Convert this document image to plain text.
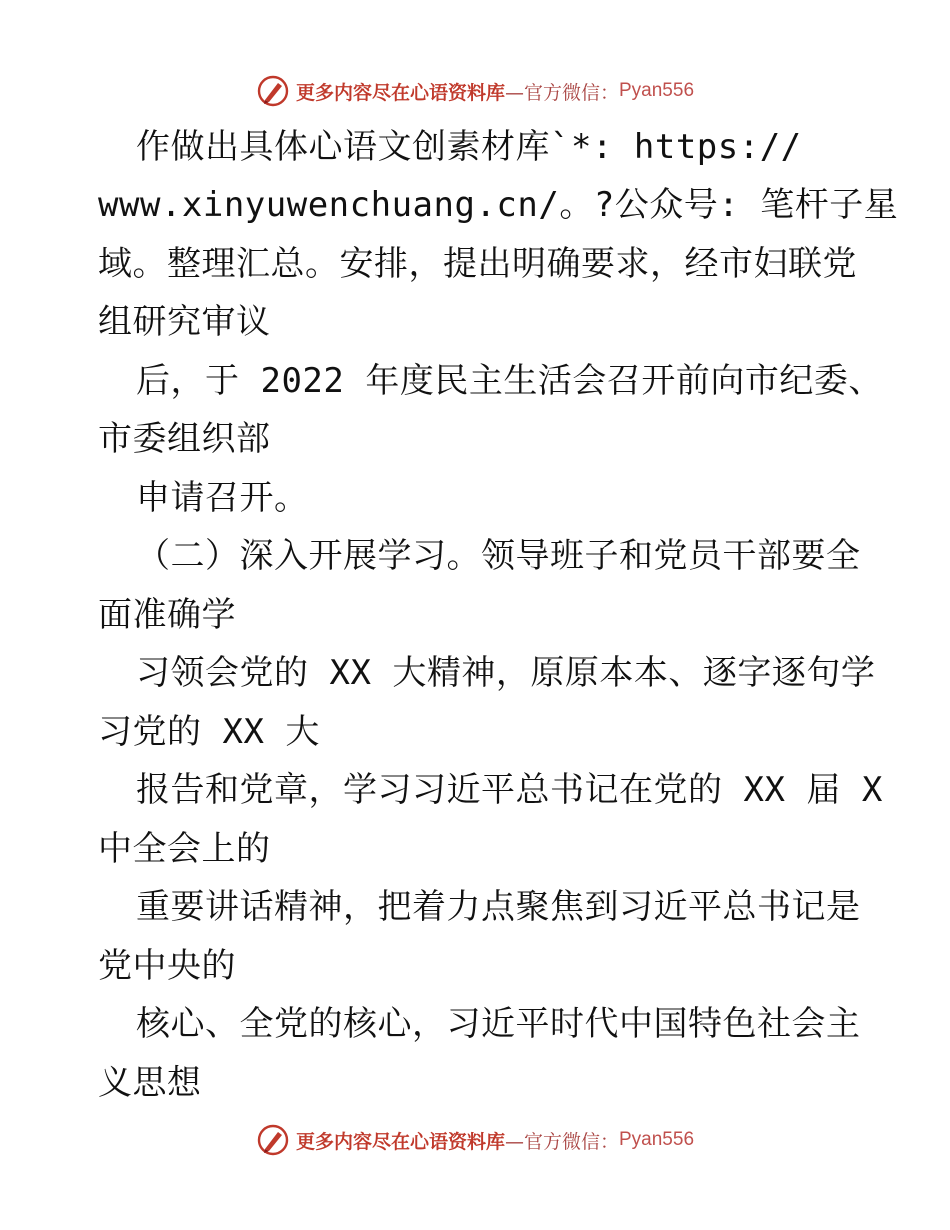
更多内容尽在心语资料库 —官方微信： Pyan556
作做出具体心语文创素材库`*: https://
www.xinyuwenchuang.cn/。?公众号: 笔杆子星
域。整理汇总。安排，提出明确要求，经市妇联党
组研究审议
后，于 2022 年度民主生活会召开前向市纪委、
市委组织部
申请召开。
（二）深入开展学习。领导班子和党员干部要全
面准确学
习领会党的 XX 大精神，原原本本、逐字逐句学
习党的 XX 大
报告和党章，学习习近平总书记在党的 XX 届 X
中全会上的
重要讲话精神，把着力点聚焦到习近平总书记是
党中央的
核心、全党的核心，习近平时代中国特色社会主
义思想
更多内容尽在心语资料库 —官方微信： Pyan556
